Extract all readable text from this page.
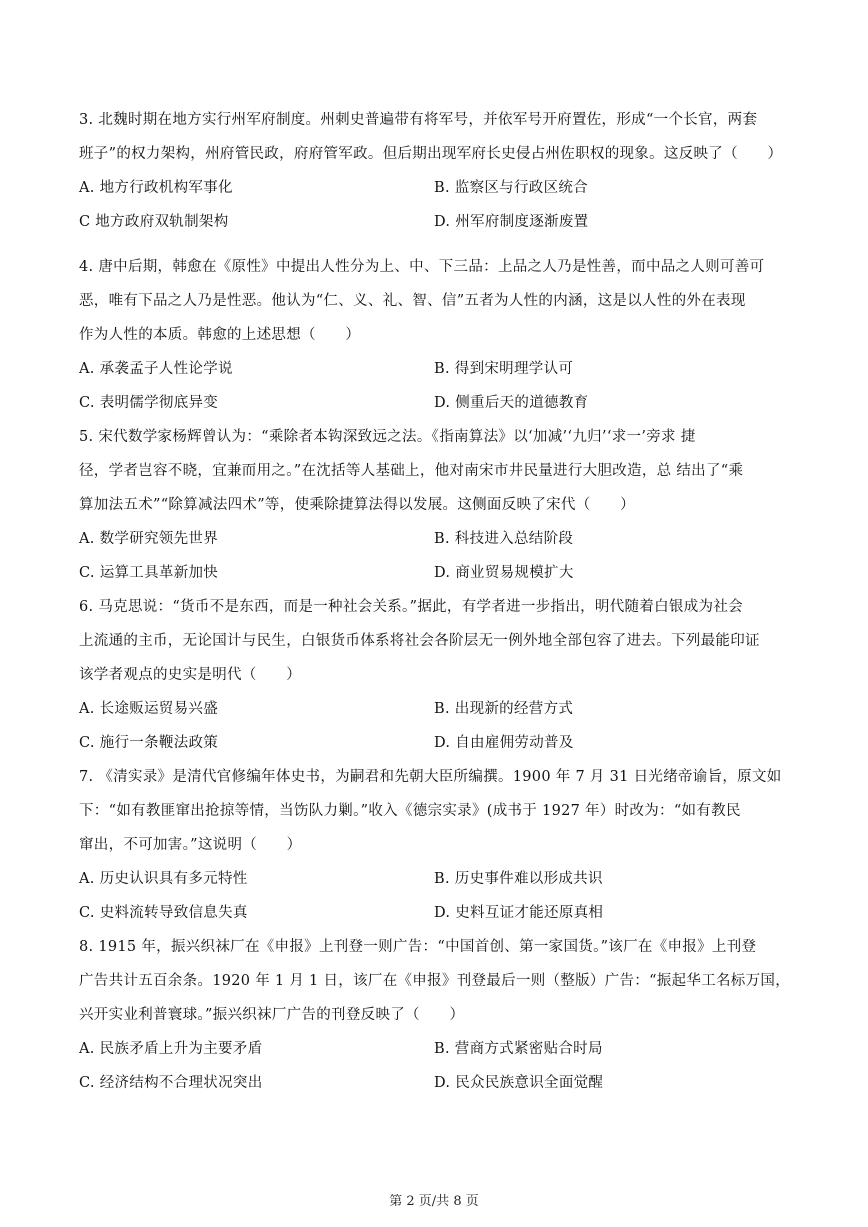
3. 北魏时期在地方实行州军府制度。州刺史普遍带有将军号，并依军号开府置佐，形成“一个长官，两套

班子”的权力架构，州府管民政，府府管军政。但后期出现军府长史侵占州佐职权的现象。这反映了（　　）

A. 地方行政机构军事化	B. 监察区与行政区统合
C 地方政府双轨制架构	D. 州军府制度逐渐废置

4. 唐中后期，韩愈在《原性》中提出人性分为上、中、下三品：上品之人乃是性善，而中品之人则可善可

恶，唯有下品之人乃是性恶。他认为“仁、义、礼、智、信”五者为人性的内涵，这是以人性的外在表现

作为人性的本质。韩愈的上述思想（　　）

A. 承袭孟子人性论学说	B. 得到宋明理学认可
C. 表明儒学彻底异变	D. 侧重后天的道德教育

5. 宋代数学家杨辉曾认为：“乘除者本钩深致远之法。《指南算法》以‘加减’‘九归’‘求一’旁求 捷

径，学者岂容不晓，宜兼而用之。”在沈括等人基础上，他对南宋市井民量进行大胆改造，总 结出了“乘

算加法五术”“除算减法四术”等，使乘除捷算法得以发展。这侧面反映了宋代（　　）

A. 数学研究领先世界	B. 科技进入总结阶段
C. 运算工具革新加快	D. 商业贸易规模扩大

6. 马克思说：“货币不是东西，而是一种社会关系。”据此，有学者进一步指出，明代随着白银成为社会

上流通的主币，无论国计与民生，白银货币体系将社会各阶层无一例外地全部包容了进去。下列最能印证

该学者观点的史实是明代（　　）

A. 长途贩运贸易兴盛	B. 出现新的经营方式
C. 施行一条鞭法政策	D. 自由雇佣劳动普及

7. 《清实录》是清代官修编年体史书，为嗣君和先朝大臣所编撰。1900 年 7 月 31 日光绪帝谕旨，原文如

下：“如有教匪窜出抢掠等情，当饬队力剿。”收入《德宗实录》(成书于 1927 年）时改为：“如有教民

窜出，不可加害。”这说明（　　）

A. 历史认识具有多元特性	B. 历史事件难以形成共识
C. 史料流转导致信息失真	D. 史料互证才能还原真相

8. 1915 年，振兴织袜厂在《申报》上刊登一则广告：“中国首创、第一家国货。”该厂在《申报》上刊登

广告共计五百余条。1920 年 1 月 1 日，该厂在《申报》刊登最后一则（整版）广告：“振起华工名标万国，

兴开实业利普寰球。”振兴织袜厂广告的刊登反映了（　　）

A. 民族矛盾上升为主要矛盾	B. 营商方式紧密贴合时局
C. 经济结构不合理状况突出	D. 民众民族意识全面觉醒
第 2 页/共 8 页
